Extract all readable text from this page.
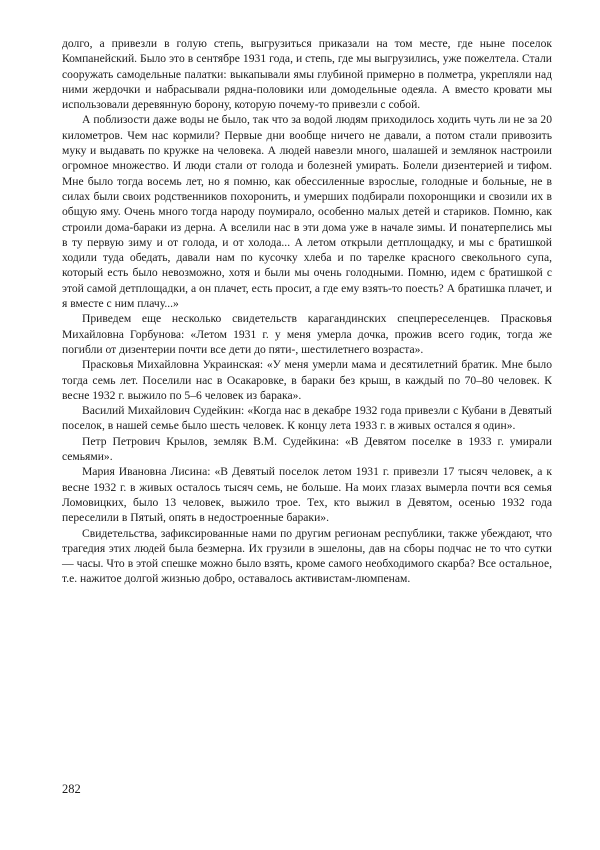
долго, а привезли в голую степь, выгрузиться приказали на том месте, где ныне поселок Компанейский. Было это в сентябре 1931 года, и степь, где мы выгрузились, уже пожелтела. Стали сооружать самодельные палатки: выкапывали ямы глубиной примерно в полметра, укрепляли над ними жердочки и набрасывали рядна-половики или домодельные одеяла. А вместо кровати мы использовали деревянную борону, которую почему-то привезли с собой.

А поблизости даже воды не было, так что за водой людям приходилось ходить чуть ли не за 20 километров. Чем нас кормили? Первые дни вообще ничего не давали, а потом стали привозить муку и выдавать по кружке на человека. А людей навезли много, шалашей и землянок настроили огромное множество. И люди стали от голода и болезней умирать. Болели дизентерией и тифом. Мне было тогда восемь лет, но я помню, как обессиленные взрослые, голодные и больные, не в силах были своих родственников похоронить, и умерших подбирали похоронщики и свозили их в общую яму. Очень много тогда народу поумирало, особенно малых детей и стариков. Помню, как строили дома-бараки из дерна. А вселили нас в эти дома уже в начале зимы. И понатерпелись мы в ту первую зиму и от голода, и от холода... А летом открыли детплощадку, и мы с братишкой ходили туда обедать, давали нам по кусочку хлеба и по тарелке красного свекольного супа, который есть было невозможно, хотя и были мы очень голодными. Помню, идем с братишкой с этой самой детплощадки, а он плачет, есть просит, а где ему взять-то поесть? А братишка плачет, и я вместе с ним плачу...»

Приведем еще несколько свидетельств карагандинских спецпереселенцев. Прасковья Михайловна Горбунова: «Летом 1931 г. у меня умерла дочка, прожив всего годик, тогда же погибли от дизентерии почти все дети до пяти-, шестилетнего возраста».

Прасковья Михайловна Украинская: «У меня умерли мама и десятилетний братик. Мне было тогда семь лет. Поселили нас в Осакаровке, в бараки без крыш, в каждый по 70–80 человек. К весне 1932 г. выжило по 5–6 человек из барака».

Василий Михайлович Судейкин: «Когда нас в декабре 1932 года привезли с Кубани в Девятый поселок, в нашей семье было шесть человек. К концу лета 1933 г. в живых остался я один».

Петр Петрович Крылов, земляк В.М. Судейкина: «В Девятом поселке в 1933 г. умирали семьями».

Мария Ивановна Лисина: «В Девятый поселок летом 1931 г. привезли 17 тысяч человек, а к весне 1932 г. в живых осталось тысяч семь, не больше. На моих глазах вымерла почти вся семья Ломовицких, было 13 человек, выжило трое. Тех, кто выжил в Девятом, осенью 1932 года переселили в Пятый, опять в недостроенные бараки».

Свидетельства, зафиксированные нами по другим регионам республики, также убеждают, что трагедия этих людей была безмерна. Их грузили в эшелоны, дав на сборы подчас не то что сутки — часы. Что в этой спешке можно было взять, кроме самого необходимого скарба? Все остальное, т.е. нажитое долгой жизнью добро, оставалось активистам-люмпенам.

282
